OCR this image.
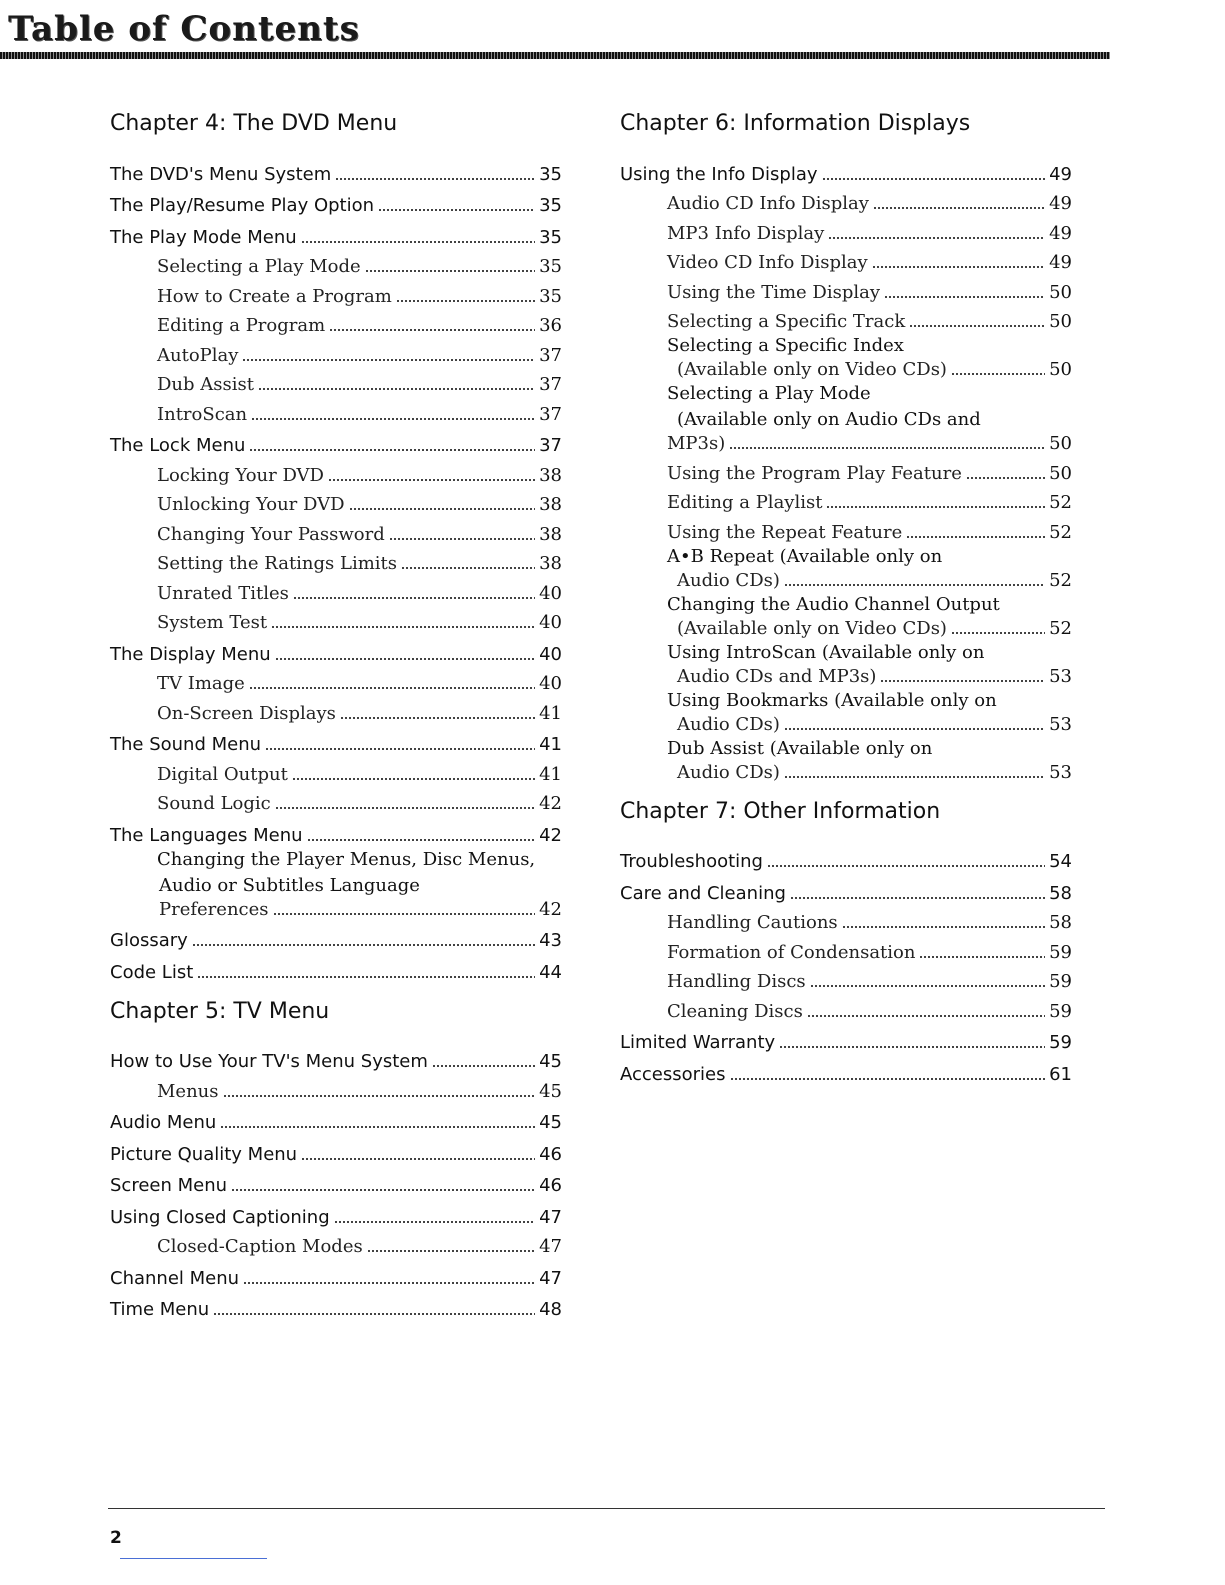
Table of Contents
Chapter 4: The DVD Menu
The DVD's Menu System	35
The Play/Resume Play Option	35
The Play Mode Menu	35
Selecting a Play Mode	35
How to Create a Program	35
Editing a Program	36
AutoPlay	37
Dub Assist	37
IntroScan	37
The Lock Menu	37
Locking Your DVD	38
Unlocking Your DVD	38
Changing Your Password	38
Setting the Ratings Limits	38
Unrated Titles	40
System Test	40
The Display Menu	40
TV Image	40
On-Screen Displays	41
The Sound Menu	41
Digital Output	41
Sound Logic	42
The Languages Menu	42
Changing the Player Menus, Disc Menus,
Audio or Subtitles Language
Preferences	42
Glossary	43
Code List	44
Chapter 5: TV Menu
How to Use Your TV's Menu System	45
Menus	45
Audio Menu	45
Picture Quality Menu	46
Screen Menu	46
Using Closed Captioning	47
Closed-Caption Modes	47
Channel Menu	47
Time Menu	48
Chapter 6: Information Displays
Using the Info Display	49
Audio CD Info Display	49
MP3 Info Display	49
Video CD Info Display	49
Using the Time Display	50
Selecting a Specific Track	50
Selecting a Specific Index
(Available only on Video CDs)	50
Selecting a Play Mode
(Available only on Audio CDs and
MP3s)	50
Using the Program Play Feature	50
Editing a Playlist	52
Using the Repeat Feature	52
A•B Repeat (Available only on
Audio CDs)	52
Changing the Audio Channel Output
(Available only on Video CDs)	52
Using IntroScan (Available only on
Audio CDs and MP3s)	53
Using Bookmarks (Available only on
Audio CDs)	53
Dub Assist (Available only on
Audio CDs)	53
Chapter 7: Other Information
Troubleshooting	54
Care and Cleaning	58
Handling Cautions	58
Formation of Condensation	59
Handling Discs	59
Cleaning Discs	59
Limited Warranty	59
Accessories	61
2
